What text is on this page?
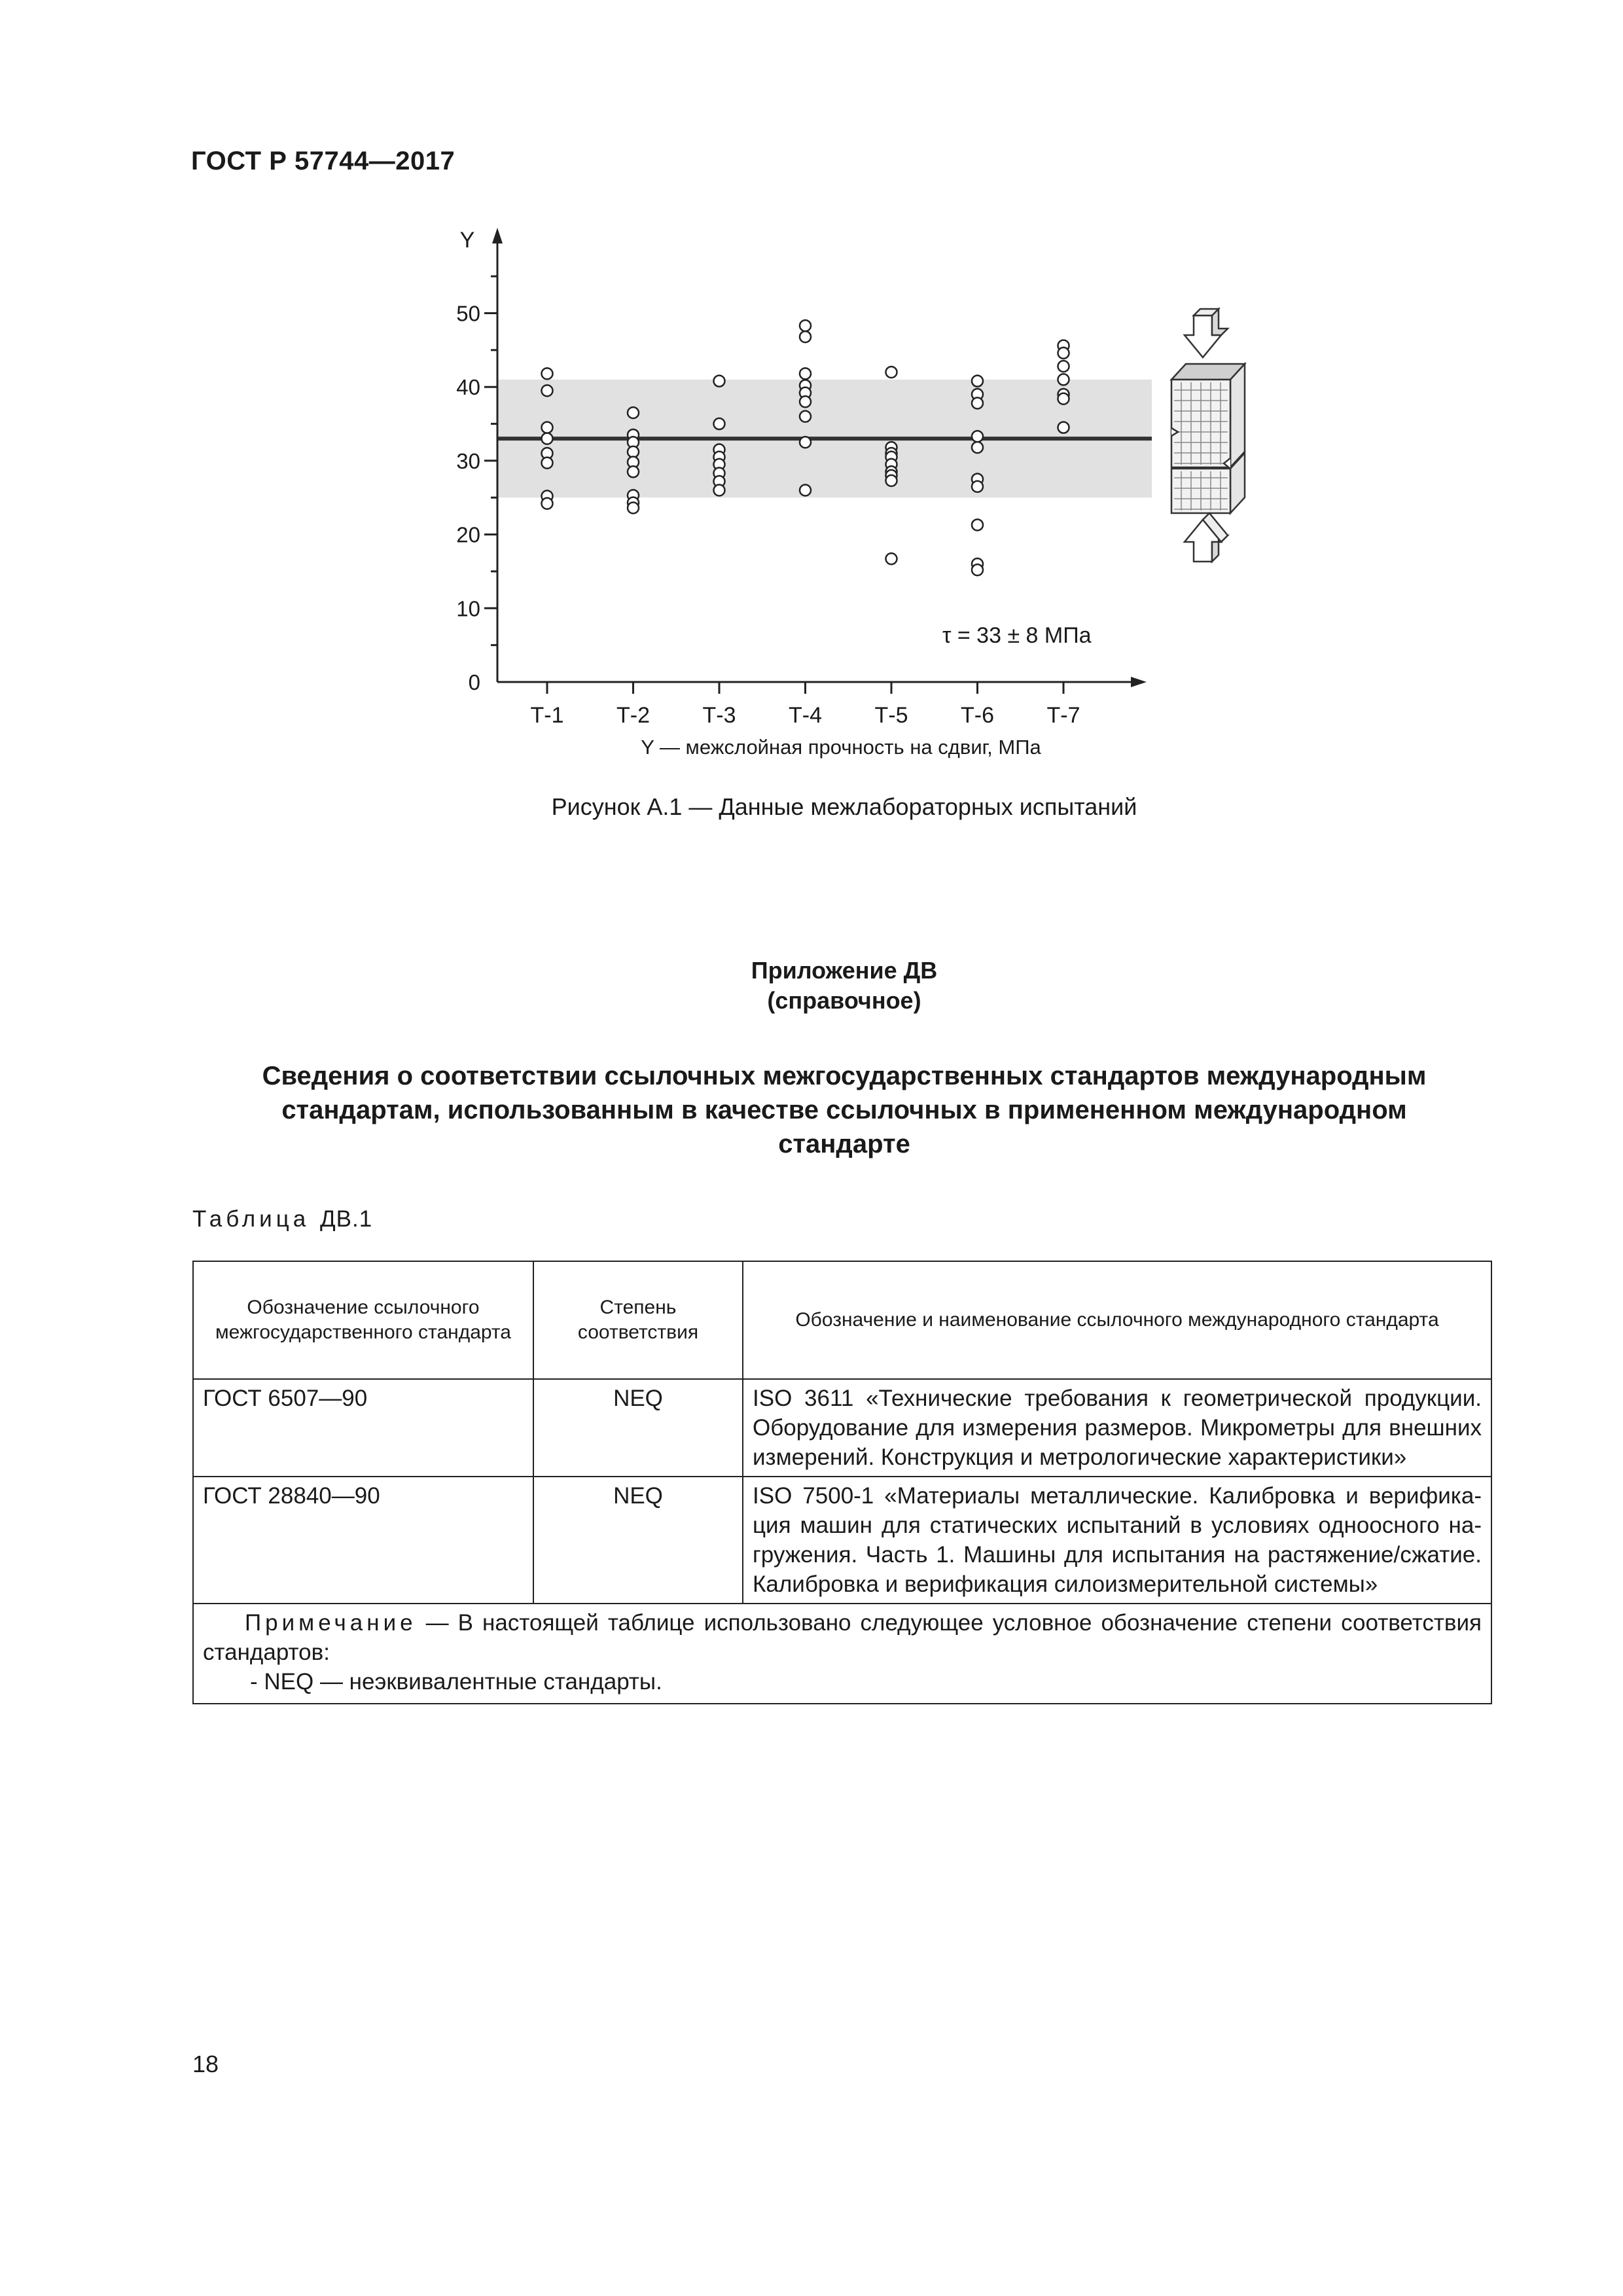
ГОСТ Р 57744—2017
0
10
20
30
40
50
Т-1 Т-2 Т-3 Т-4 Т-5 Т-6 Т-7
Y
τ = 33 ± 8 МПа
Y — межслойная прочность на сдвиг, МПа
Рисунок А.1 — Данные межлабораторных испытаний
Приложение ДВ
(справочное)
Сведения о соответствии ссылочных межгосударственных стандартов международным стандартам, использованным в качестве ссылочных в примененном международном стандарте
Таблица ДВ.1
Обозначение ссылочного межгосударственного стандарта	Степень соответствия	Обозначение и наименование ссылочного международного стандарта
ГОСТ 6507—90	NEQ	ISO 3611 «Технические требования к геометрической продукции. Оборудование для измерения размеров. Микрометры для внешних измерений. Конструкция и метрологические характеристики»
ГОСТ 28840—90	NEQ	ISO 7500-1 «Материалы металлические. Калибровка и верификация машин для статических испытаний в условиях одноосного нагружения. Часть 1. Машины для испытания на растяжение/сжатие. Калибровка и верификация силоизмерительной системы»

Примечание — В настоящей таблице использовано следующее условное обозначение степени соответствия стандартов:
- NEQ — неэквивалентные стандарты.		
18
